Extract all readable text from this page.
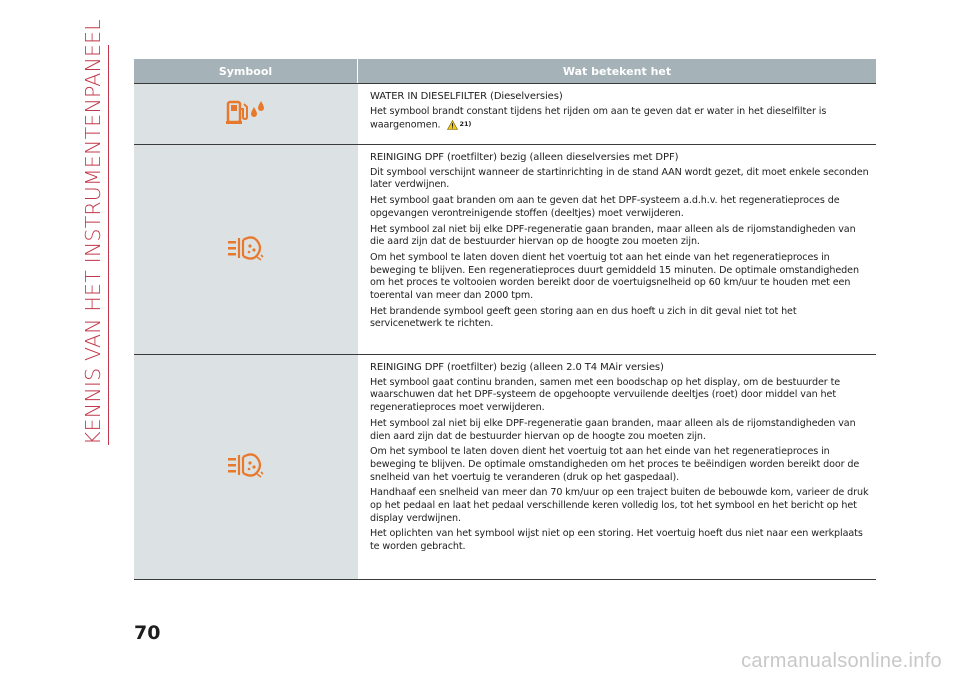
KENNIS VAN HET INSTRUMENTENPANEEL	Symbool	Wat betekent het

WATER IN DIESELFILTER (Dieselversies)

Het symbool brandt constant tijdens het rijden om aan te geven dat er water in het dieselfilter is waargenomen.	21)

REINIGING DPF (roetfilter) bezig (alleen dieselversies met DPF)

Dit symbool verschijnt wanneer de startinrichting in de stand AAN wordt gezet, dit moet enkele seconden later verdwijnen.

Het symbool gaat branden om aan te geven dat het DPF-systeem a.d.h.v. het regeneratieproces de opgevangen verontreinigende stoffen (deeltjes) moet verwijderen.

Het symbool zal niet bij elke DPF-regeneratie gaan branden, maar alleen als de rijomstandigheden van die aard zijn dat de bestuurder hiervan op de hoogte zou moeten zijn.

Om het symbool te laten doven dient het voertuig tot aan het einde van het regeneratieproces in beweging te blijven. Een regeneratieproces duurt gemiddeld 15 minuten. De optimale omstandigheden om het proces te voltooien worden bereikt door de voertuigsnelheid op 60 km/uur te houden met een toerental van meer dan 2000 tpm.

Het brandende symbool geeft geen storing aan en dus hoeft u zich in dit geval niet tot het servicenetwerk te richten.

REINIGING DPF (roetfilter) bezig (alleen 2.0 T4 MAir versies)

Het symbool gaat continu branden, samen met een boodschap op het display, om de bestuurder te waarschuwen dat het DPF-systeem de opgehoopte vervuilende deeltjes (roet) door middel van het regeneratieproces moet verwijderen.

Het symbool zal niet bij elke DPF-regeneratie gaan branden, maar alleen als de rijomstandigheden van dien aard zijn dat de bestuurder hiervan op de hoogte zou moeten zijn.

Om het symbool te laten doven dient het voertuig tot aan het einde van het regeneratieproces in beweging te blijven. De optimale omstandigheden om het proces te beëindigen worden bereikt door de snelheid van het voertuig te veranderen (druk op het gaspedaal).

Handhaaf een snelheid van meer dan 70 km/uur op een traject buiten de bebouwde kom, varieer de druk op het pedaal en laat het pedaal verschillende keren volledig los, tot het symbool en het bericht op het display verdwijnen.

Het oplichten van het symbool wijst niet op een storing. Het voertuig hoeft dus niet naar een werkplaats te worden gebracht.

70
carmanualsonline.info
